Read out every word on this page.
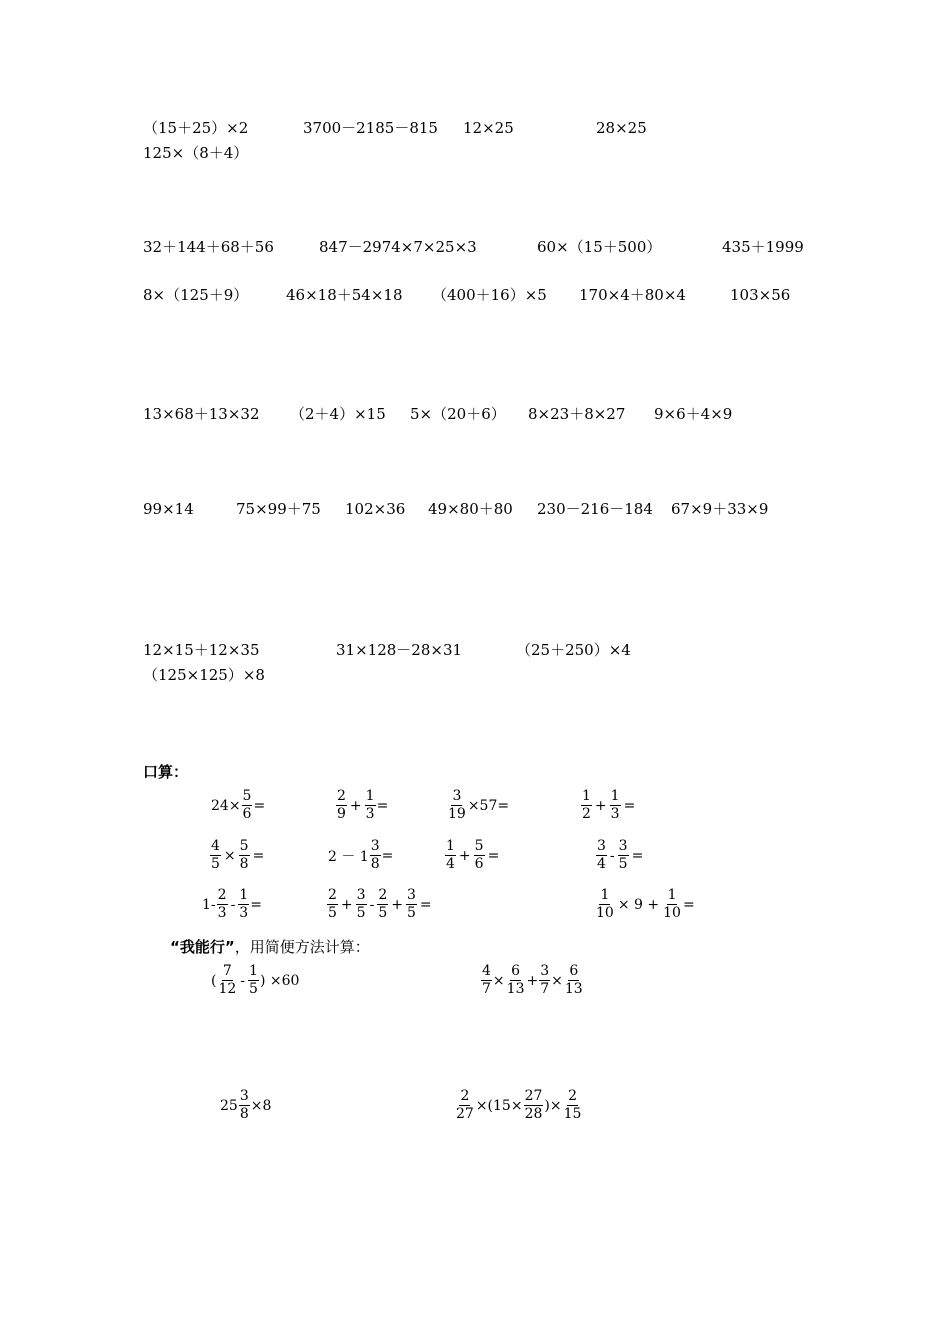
（15＋25）×2	3700－2185－815 12×25	28×25
125×（8＋4）
32＋144＋68＋56	847－2974×7×25×3	60×（15＋500）	435＋1999
8×（125＋9）	46×18＋54×18 （400＋16）×5 170×4＋80×4	103×56
13×68＋13×32 （2＋4）×15 5×（20＋6） 8×23＋8×27 9×6＋4×9
99×14	75×99＋75 102×36 49×80＋80 230－216－184 67×9＋33×9
12×15＋12×35	31×128－28×31	（25＋250）×4
（125×125）×8
口算：
$24\times \frac{5}{6}$ =	$\frac{2}{9} + \frac{1}{3}$ =	$\frac{3}{19} \times 57=$	$\frac{1}{2} + \frac{1}{3}$ =
$\frac{4}{5} \times \frac{5}{8}$ =	$2 - 1 \frac{3}{8}$ =	$\frac{1}{4} + \frac{5}{6}$ =	$\frac{3}{4} - \frac{3}{5}$ =
$1- \frac{2}{3} - \frac{1}{3}$ =	$\frac{2}{5} + \frac{3}{5} - \frac{2}{5} + \frac{3}{5}$ =	$\frac{1}{10} \times 9 + \frac{1}{10}$ =
“我能行”，用简便方法计算：
( $\frac{7}{12} - \frac{1}{5}$ ) ×60	$\frac{4}{7} \times \frac{6}{13} + \frac{3}{7} \times \frac{6}{13}$
$25 \frac{3}{8} \times 8$	$\frac{2}{27} \times(15\times \frac{27}{28}$ )× $\frac{2}{15}$
